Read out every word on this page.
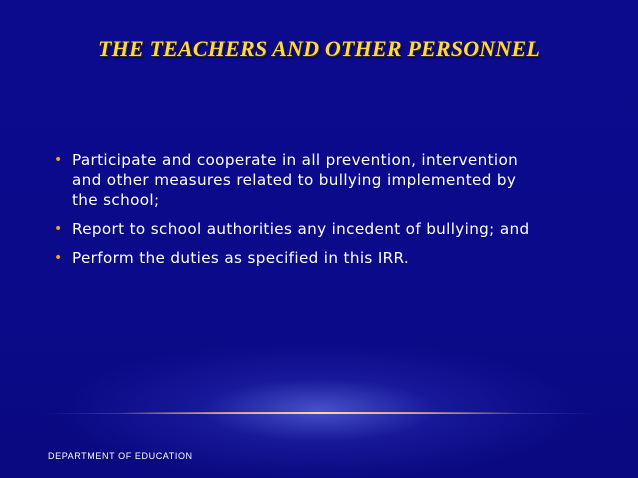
THE TEACHERS AND OTHER PERSONNEL
• Participate and cooperate in all prevention, intervention and other measures related to bullying implemented by the school;
• Report to school authorities any incedent of bullying; and
• Perform the duties as specified in this IRR.
DEPARTMENT OF EDUCATION
